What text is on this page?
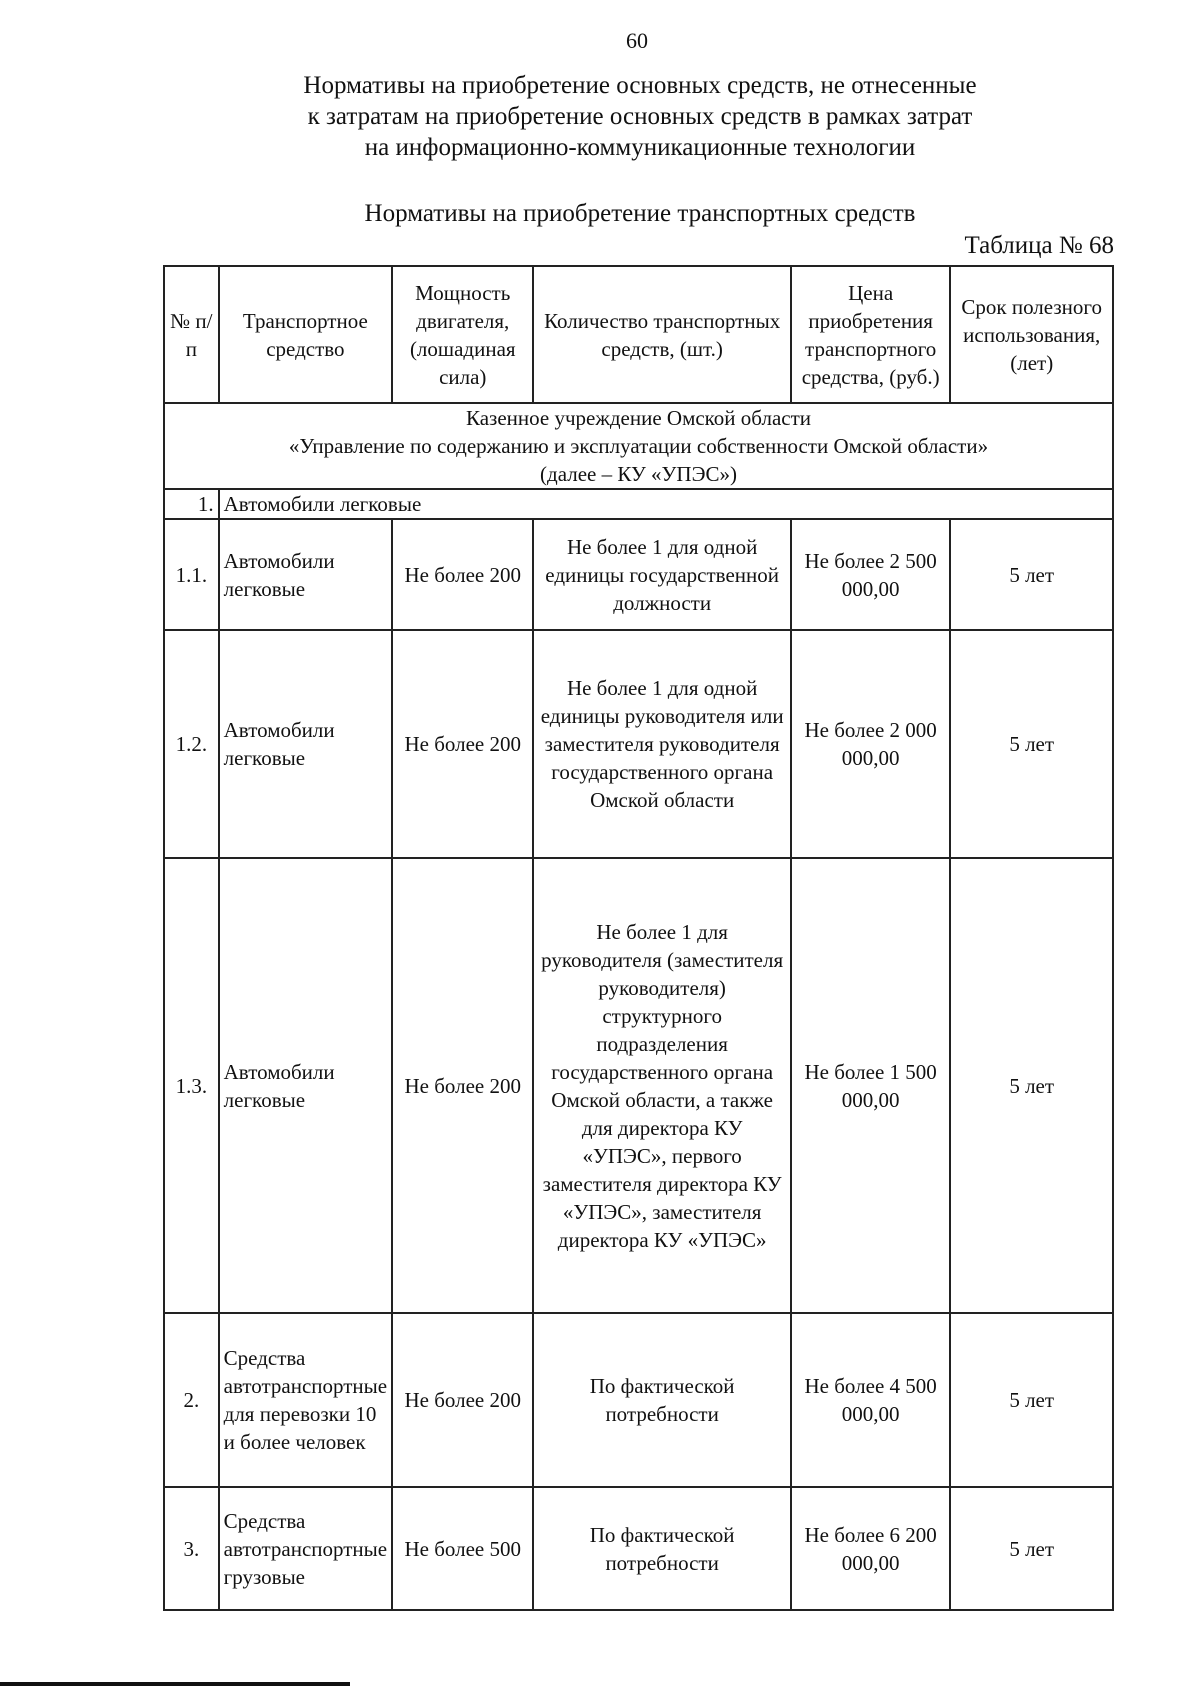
60
Нормативы на приобретение основных средств, не отнесенные
к затратам на приобретение основных средств в рамках затрат
на информационно-коммуникационные технологии
Нормативы на приобретение транспортных средств
Таблица № 68
№ п/п	Транспортное средство	Мощность двигателя, (лошадиная сила)	Количество транспортных средств, (шт.)	Цена приобретения транспортного средства, (руб.)	Срок полезного использования, (лет)

Казенное учреждение Омской области
«Управление по содержанию и эксплуатации собственности Омской области»
(далее – КУ «УПЭС»)					

1.	Автомобили легковые				
1.1.	Автомобили легковые	Не более 200	Не более 1 для одной единицы государственной должности	Не более 2 500 000,00	5 лет
1.2.	Автомобили легковые	Не более 200	Не более 1 для одной единицы руководителя или заместителя руководителя государственного органа Омской области	Не более 2 000 000,00	5 лет
1.3.	Автомобили легковые	Не более 200	Не более 1 для руководителя (заместителя руководителя) структурного подразделения государственного органа Омской области, а также для директора КУ «УПЭС», первого заместителя директора КУ «УПЭС», заместителя директора КУ «УПЭС»	Не более 1 500 000,00	5 лет
2.	Средства автотранспортные для перевозки 10 и более человек	Не более 200	По фактической потребности	Не более 4 500 000,00	5 лет
3.	Средства автотранспортные грузовые	Не более 500	По фактической потребности	Не более 6 200 000,00	5 лет
